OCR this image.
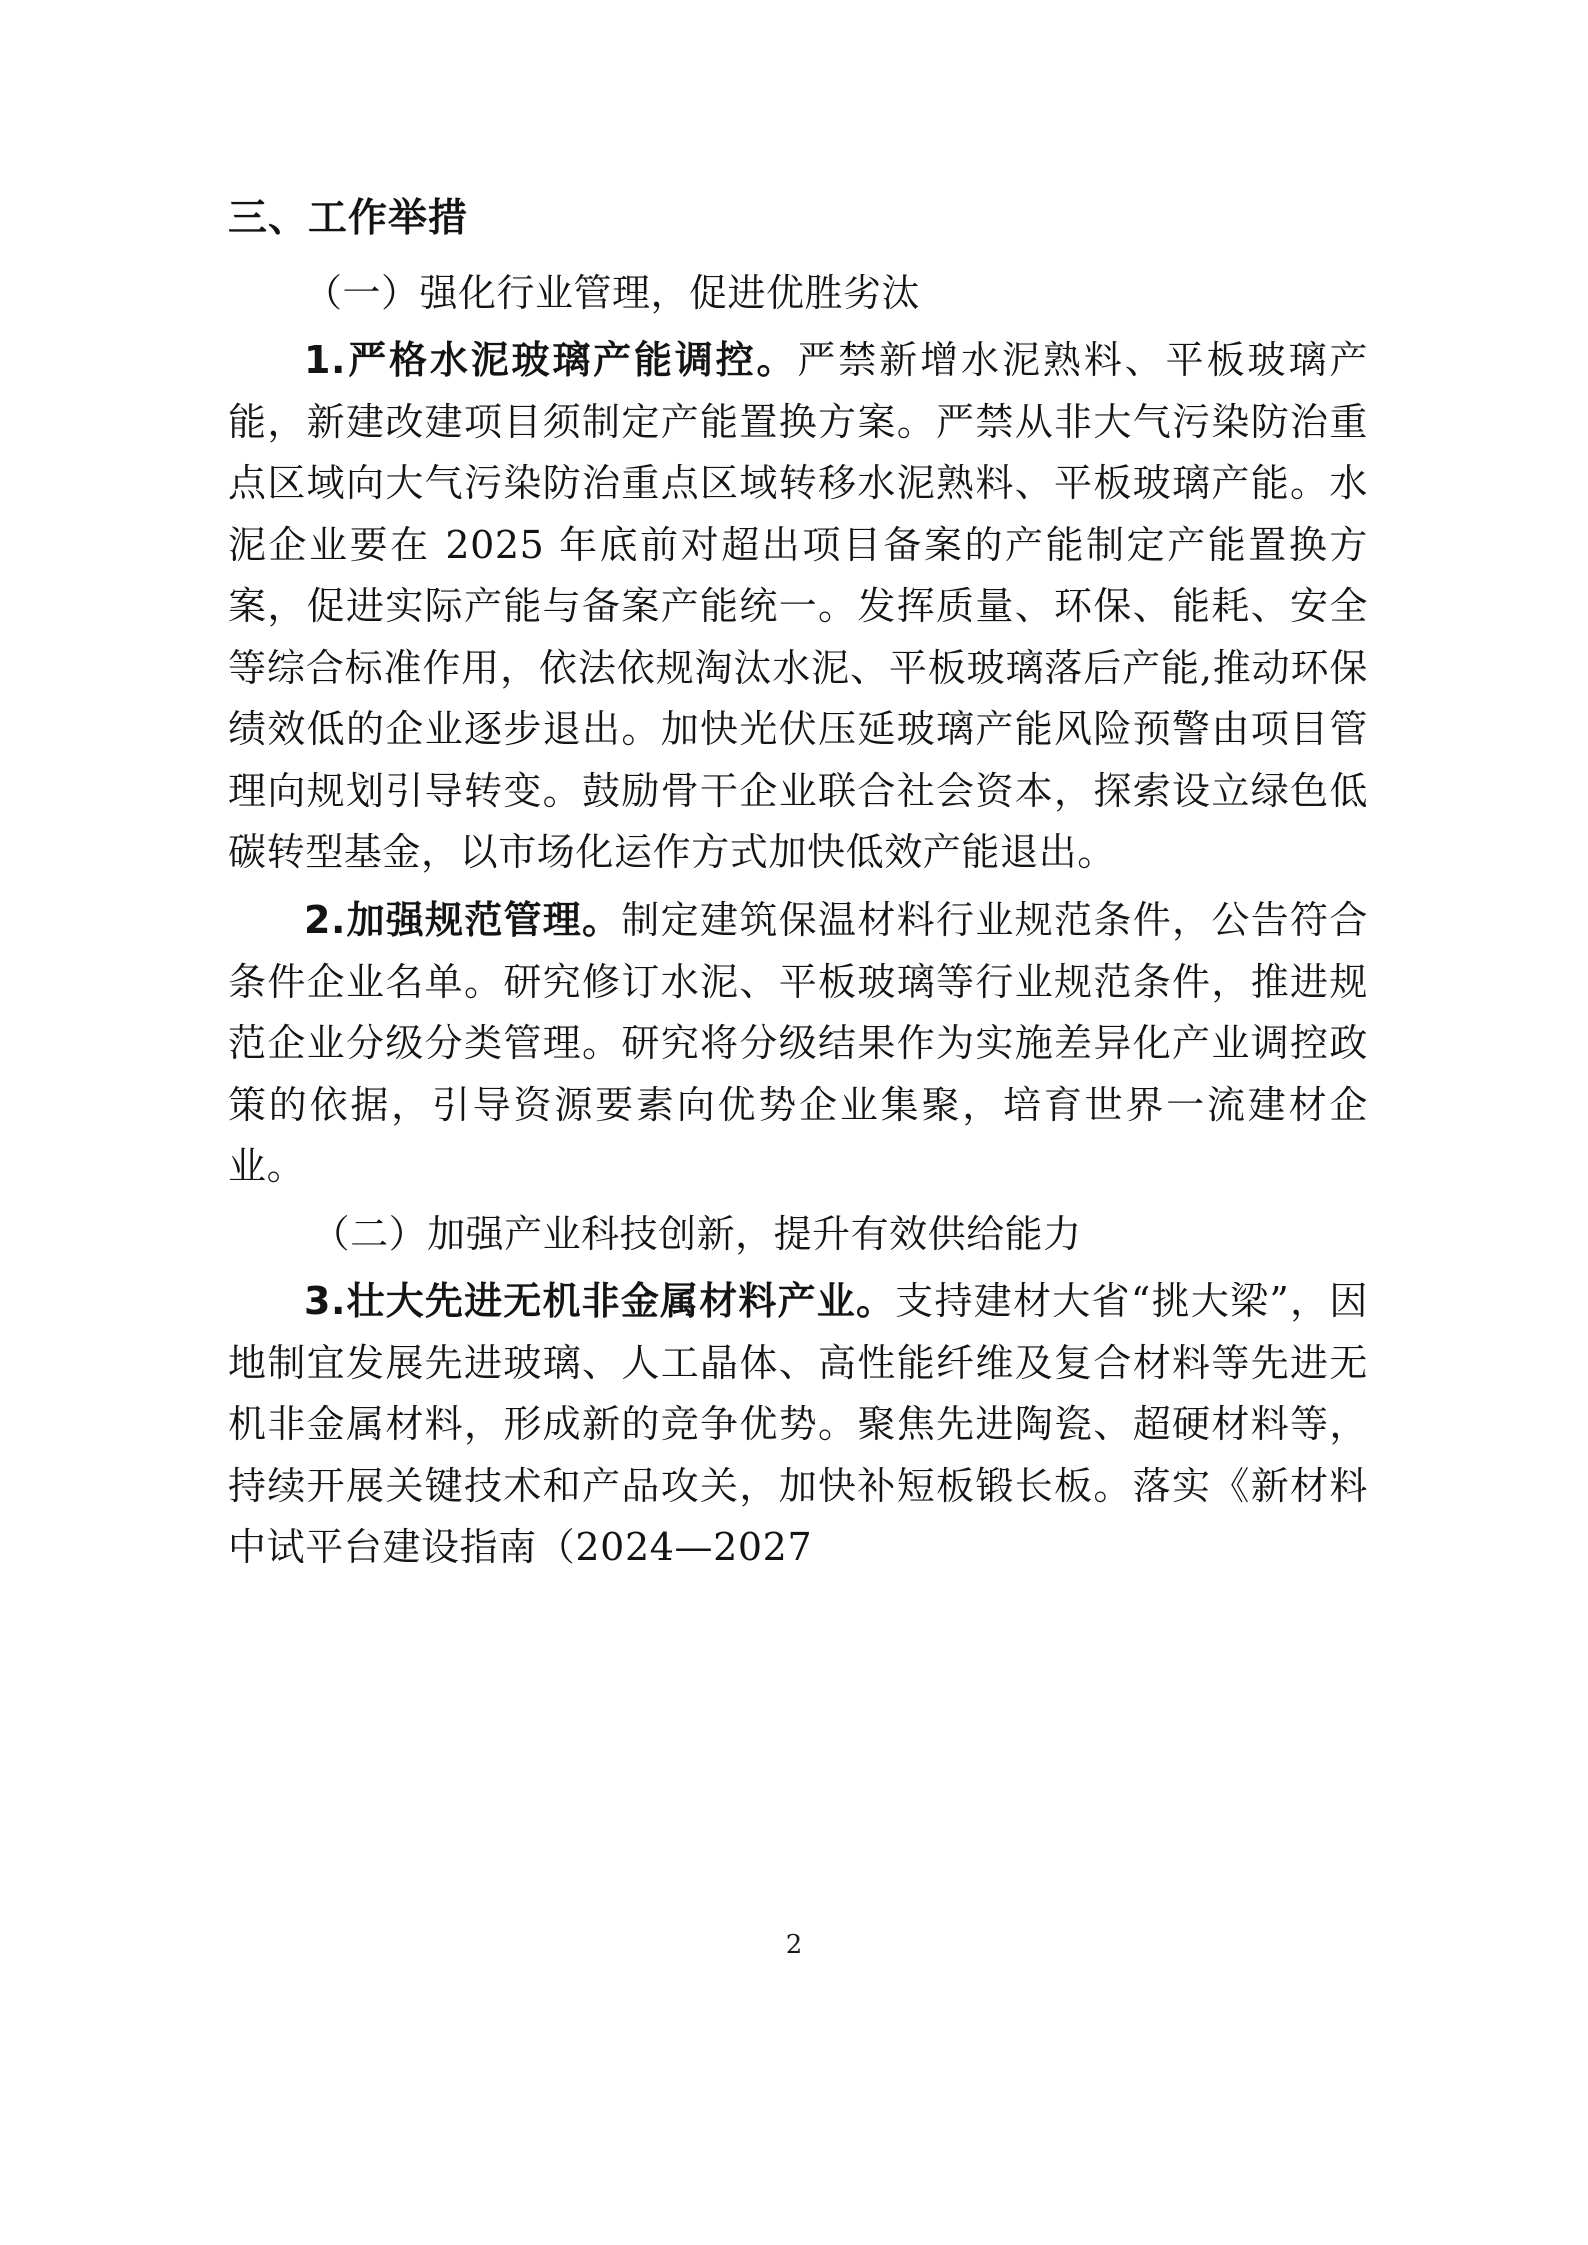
三、工作举措

（一）强化行业管理，促进优胜劣汰

1.严格水泥玻璃产能调控。严禁新增水泥熟料、平板玻璃产能，新建改建项目须制定产能置换方案。严禁从非大气污染防治重点区域向大气污染防治重点区域转移水泥熟料、平板玻璃产能。水泥企业要在 2025 年底前对超出项目备案的产能制定产能置换方案，促进实际产能与备案产能统一。发挥质量、环保、能耗、安全等综合标准作用，依法依规淘汰水泥、平板玻璃落后产能,推动环保绩效低的企业逐步退出。加快光伏压延玻璃产能风险预警由项目管理向规划引导转变。鼓励骨干企业联合社会资本，探索设立绿色低碳转型基金，以市场化运作方式加快低效产能退出。

2.加强规范管理。制定建筑保温材料行业规范条件，公告符合条件企业名单。研究修订水泥、平板玻璃等行业规范条件，推进规范企业分级分类管理。研究将分级结果作为实施差异化产业调控政策的依据，引导资源要素向优势企业集聚，培育世界一流建材企业。

（二）加强产业科技创新，提升有效供给能力

3.壮大先进无机非金属材料产业。支持建材大省“挑大梁”，因地制宜发展先进玻璃、人工晶体、高性能纤维及复合材料等先进无机非金属材料，形成新的竞争优势。聚焦先进陶瓷、超硬材料等，持续开展关键技术和产品攻关，加快补短板锻长板。落实《新材料中试平台建设指南（2024—2027

2
